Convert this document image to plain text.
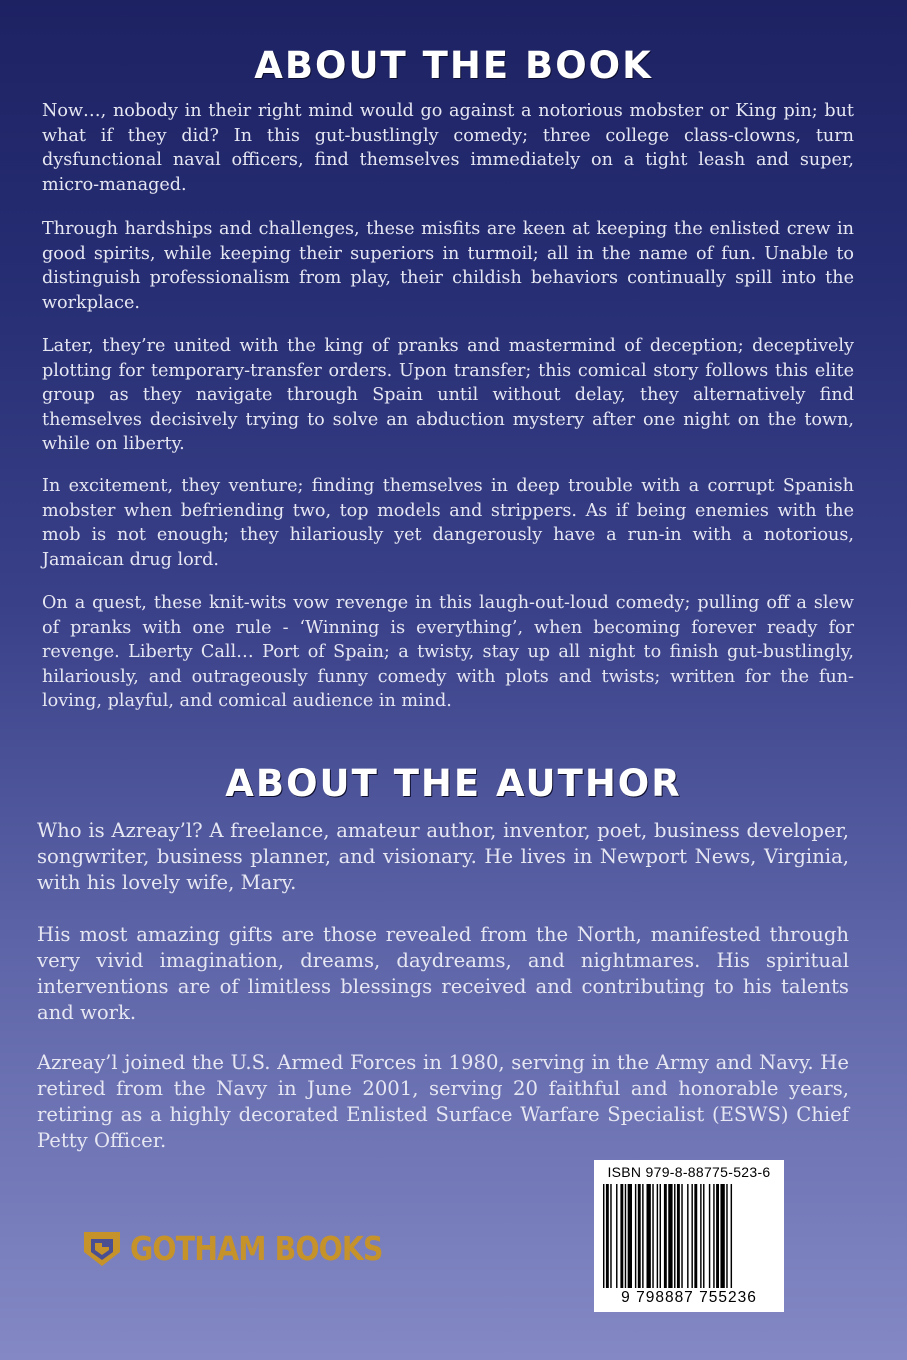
ABOUT THE BOOK

Now…, nobody in their right mind would go against a notorious mobster or King pin; but what if they did? In this gut-bustlingly comedy; three college class-clowns, turn dysfunctional naval officers, find themselves immediately on a tight leash and super, micro-managed.

Through hardships and challenges, these misfits are keen at keeping the enlisted crew in good spirits, while keeping their superiors in turmoil; all in the name of fun. Unable to distinguish professionalism from play, their childish behaviors continually spill into the workplace.

Later, they’re united with the king of pranks and mastermind of deception; deceptively plotting for temporary-transfer orders. Upon transfer; this comical story follows this elite group as they navigate through Spain until without delay, they alternatively find themselves decisively trying to solve an abduction mystery after one night on the town, while on liberty.

In excitement, they venture; finding themselves in deep trouble with a corrupt Spanish mobster when befriending two, top models and strippers. As if being enemies with the mob is not enough; they hilariously yet dangerously have a run-in with a notorious, Jamaican drug lord.

On a quest, these knit-wits vow revenge in this laugh-out-loud comedy; pulling off a slew of pranks with one rule - ‘Winning is everything’, when becoming forever ready for revenge. Liberty Call… Port of Spain; a twisty, stay up all night to finish gut-bustlingly, hilariously, and outrageously funny comedy with plots and twists; written for the fun-loving, playful, and comical audience in mind.

ABOUT THE AUTHOR

Who is Azreay’l? A freelance, amateur author, inventor, poet, business developer, songwriter, business planner, and visionary. He lives in Newport News, Virginia, with his lovely wife, Mary.

His most amazing gifts are those revealed from the North, manifested through very vivid imagination, dreams, daydreams, and nightmares. His spiritual interventions are of limitless blessings received and contributing to his talents and work.

Azreay’l joined the U.S. Armed Forces in 1980, serving in the Army and Navy. He retired from the Navy in June 2001, serving 20 faithful and honorable years, retiring as a highly decorated Enlisted Surface Warfare Specialist (ESWS) Chief Petty Officer.

GOTHAM BOOKS
ISBN 979-8-88775-523-6
9 798887 755236
